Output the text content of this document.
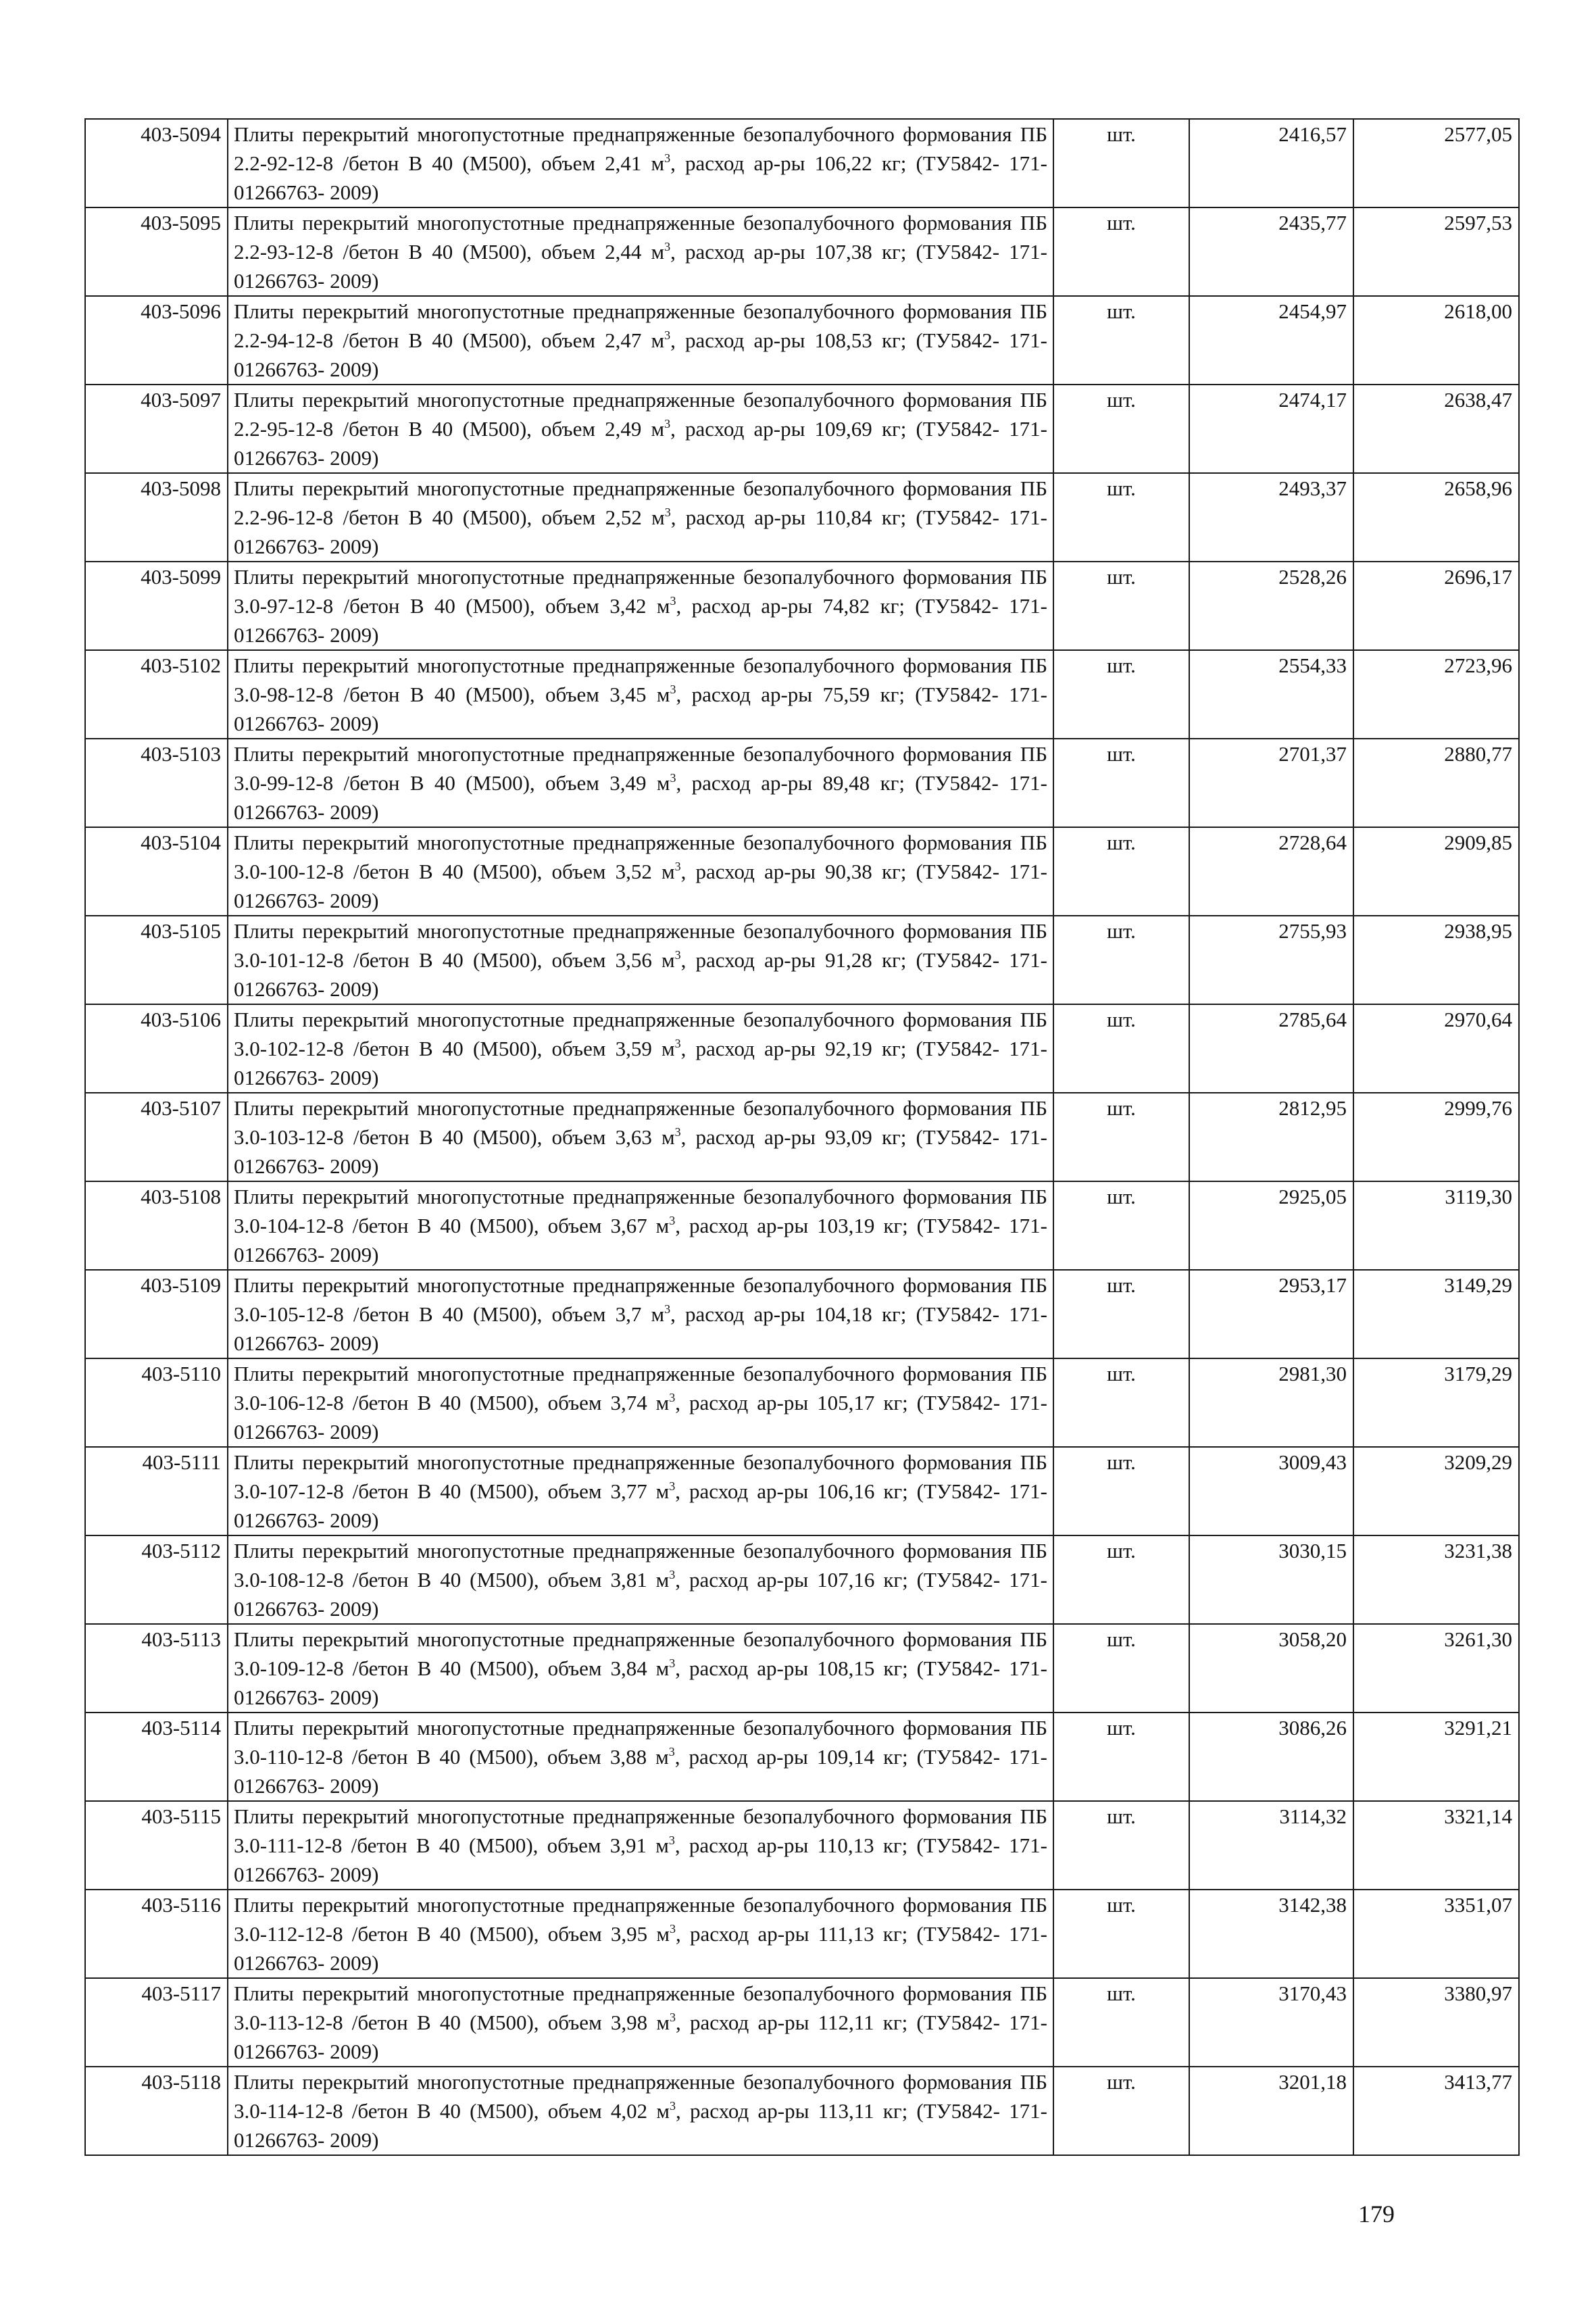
403-5094	Плиты перекрытий многопустотные преднапряженные безопалубочного формования ПБ 2.2-92-12-8 /бетон В 40 (М500), объем 2,41 $м^3$, расход ар-ры 106,22 кг; (ТУ5842- 171- 01266763- 2009)	шт.	2416,57	2577,05
403-5095	Плиты перекрытий многопустотные преднапряженные безопалубочного формования ПБ 2.2-93-12-8 /бетон В 40 (М500), объем 2,44 $м^3$, расход ар-ры 107,38 кг; (ТУ5842- 171- 01266763- 2009)	шт.	2435,77	2597,53
403-5096	Плиты перекрытий многопустотные преднапряженные безопалубочного формования ПБ 2.2-94-12-8 /бетон В 40 (М500), объем 2,47 $м^3$, расход ар-ры 108,53 кг; (ТУ5842- 171- 01266763- 2009)	шт.	2454,97	2618,00
403-5097	Плиты перекрытий многопустотные преднапряженные безопалубочного формования ПБ 2.2-95-12-8 /бетон В 40 (М500), объем 2,49 $м^3$, расход ар-ры 109,69 кг; (ТУ5842- 171- 01266763- 2009)	шт.	2474,17	2638,47
403-5098	Плиты перекрытий многопустотные преднапряженные безопалубочного формования ПБ 2.2-96-12-8 /бетон В 40 (М500), объем 2,52 $м^3$, расход ар-ры 110,84 кг; (ТУ5842- 171- 01266763- 2009)	шт.	2493,37	2658,96
403-5099	Плиты перекрытий многопустотные преднапряженные безопалубочного формования ПБ 3.0-97-12-8 /бетон В 40 (М500), объем 3,42 $м^3$, расход ар-ры 74,82 кг; (ТУ5842- 171- 01266763- 2009)	шт.	2528,26	2696,17
403-5102	Плиты перекрытий многопустотные преднапряженные безопалубочного формования ПБ 3.0-98-12-8 /бетон В 40 (М500), объем 3,45 $м^3$, расход ар-ры 75,59 кг; (ТУ5842- 171- 01266763- 2009)	шт.	2554,33	2723,96
403-5103	Плиты перекрытий многопустотные преднапряженные безопалубочного формования ПБ 3.0-99-12-8 /бетон В 40 (М500), объем 3,49 $м^3$, расход ар-ры 89,48 кг; (ТУ5842- 171- 01266763- 2009)	шт.	2701,37	2880,77
403-5104	Плиты перекрытий многопустотные преднапряженные безопалубочного формования ПБ 3.0-100-12-8 /бетон В 40 (М500), объем 3,52 $м^3$, расход ар-ры 90,38 кг; (ТУ5842- 171- 01266763- 2009)	шт.	2728,64	2909,85
403-5105	Плиты перекрытий многопустотные преднапряженные безопалубочного формования ПБ 3.0-101-12-8 /бетон В 40 (М500), объем 3,56 $м^3$, расход ар-ры 91,28 кг; (ТУ5842- 171- 01266763- 2009)	шт.	2755,93	2938,95
403-5106	Плиты перекрытий многопустотные преднапряженные безопалубочного формования ПБ 3.0-102-12-8 /бетон В 40 (М500), объем 3,59 $м^3$, расход ар-ры 92,19 кг; (ТУ5842- 171- 01266763- 2009)	шт.	2785,64	2970,64
403-5107	Плиты перекрытий многопустотные преднапряженные безопалубочного формования ПБ 3.0-103-12-8 /бетон В 40 (М500), объем 3,63 $м^3$, расход ар-ры 93,09 кг; (ТУ5842- 171- 01266763- 2009)	шт.	2812,95	2999,76
403-5108	Плиты перекрытий многопустотные преднапряженные безопалубочного формования ПБ 3.0-104-12-8 /бетон В 40 (М500), объем 3,67 $м^3$, расход ар-ры 103,19 кг; (ТУ5842- 171- 01266763- 2009)	шт.	2925,05	3119,30
403-5109	Плиты перекрытий многопустотные преднапряженные безопалубочного формования ПБ 3.0-105-12-8 /бетон В 40 (М500), объем 3,7 $м^3$, расход ар-ры 104,18 кг; (ТУ5842- 171- 01266763- 2009)	шт.	2953,17	3149,29
403-5110	Плиты перекрытий многопустотные преднапряженные безопалубочного формования ПБ 3.0-106-12-8 /бетон В 40 (М500), объем 3,74 $м^3$, расход ар-ры 105,17 кг; (ТУ5842- 171- 01266763- 2009)	шт.	2981,30	3179,29
403-5111	Плиты перекрытий многопустотные преднапряженные безопалубочного формования ПБ 3.0-107-12-8 /бетон В 40 (М500), объем 3,77 $м^3$, расход ар-ры 106,16 кг; (ТУ5842- 171- 01266763- 2009)	шт.	3009,43	3209,29
403-5112	Плиты перекрытий многопустотные преднапряженные безопалубочного формования ПБ 3.0-108-12-8 /бетон В 40 (М500), объем 3,81 $м^3$, расход ар-ры 107,16 кг; (ТУ5842- 171- 01266763- 2009)	шт.	3030,15	3231,38
403-5113	Плиты перекрытий многопустотные преднапряженные безопалубочного формования ПБ 3.0-109-12-8 /бетон В 40 (М500), объем 3,84 $м^3$, расход ар-ры 108,15 кг; (ТУ5842- 171- 01266763- 2009)	шт.	3058,20	3261,30
403-5114	Плиты перекрытий многопустотные преднапряженные безопалубочного формования ПБ 3.0-110-12-8 /бетон В 40 (М500), объем 3,88 $м^3$, расход ар-ры 109,14 кг; (ТУ5842- 171- 01266763- 2009)	шт.	3086,26	3291,21
403-5115	Плиты перекрытий многопустотные преднапряженные безопалубочного формования ПБ 3.0-111-12-8 /бетон В 40 (М500), объем 3,91 $м^3$, расход ар-ры 110,13 кг; (ТУ5842- 171- 01266763- 2009)	шт.	3114,32	3321,14
403-5116	Плиты перекрытий многопустотные преднапряженные безопалубочного формования ПБ 3.0-112-12-8 /бетон В 40 (М500), объем 3,95 $м^3$, расход ар-ры 111,13 кг; (ТУ5842- 171- 01266763- 2009)	шт.	3142,38	3351,07
403-5117	Плиты перекрытий многопустотные преднапряженные безопалубочного формования ПБ 3.0-113-12-8 /бетон В 40 (М500), объем 3,98 $м^3$, расход ар-ры 112,11 кг; (ТУ5842- 171- 01266763- 2009)	шт.	3170,43	3380,97
403-5118	Плиты перекрытий многопустотные преднапряженные безопалубочного формования ПБ 3.0-114-12-8 /бетон В 40 (М500), объем 4,02 $м^3$, расход ар-ры 113,11 кг; (ТУ5842- 171- 01266763- 2009)	шт.	3201,18	3413,77
179
